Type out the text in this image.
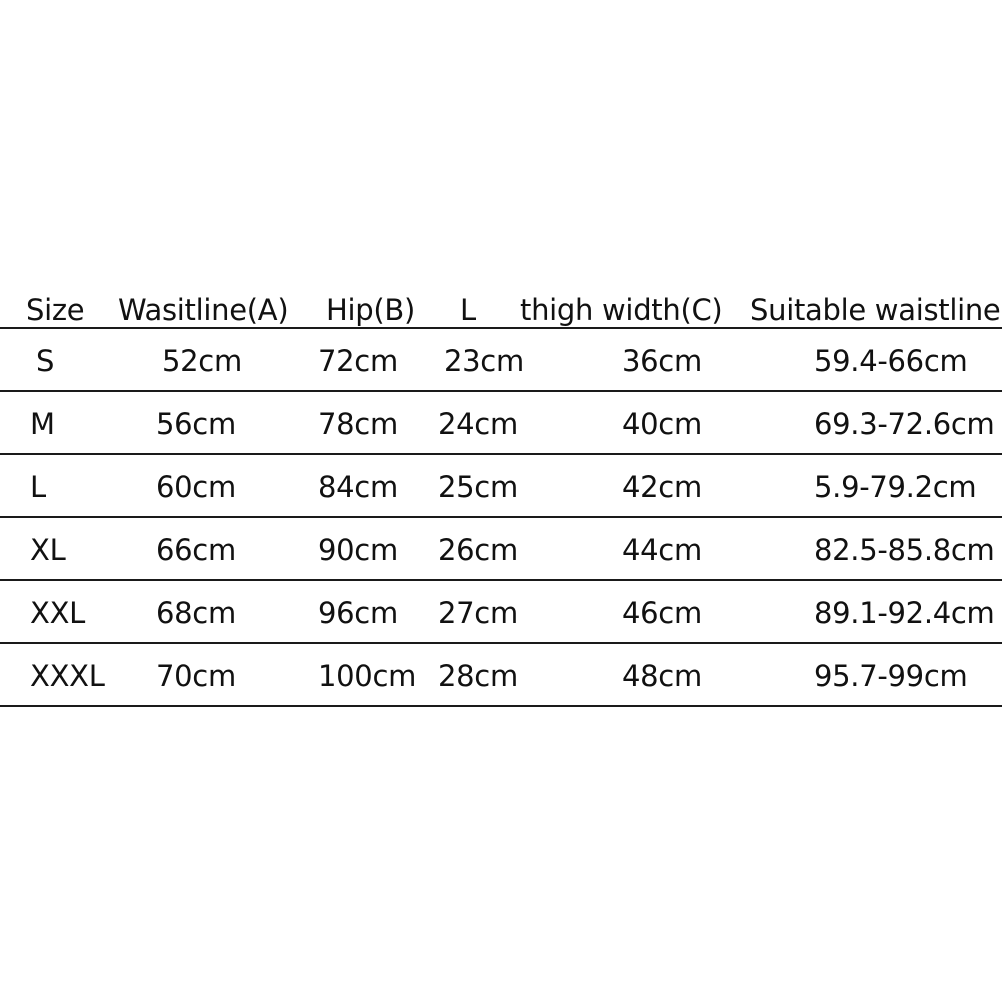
Size Wasitline(A) Hip(B) L thigh width(C) Suitable waistline
S	52cm	72cm 23cm	36cm	59.4-66cm
M	56cm	78cm 24cm	40cm	69.3-72.6cm
L	60cm	84cm 25cm	42cm	5.9-79.2cm
XL	66cm	90cm 26cm	44cm	82.5-85.8cm
XXL 68cm	96cm 27cm	46cm	89.1-92.4cm
XXXL 70cm	100cm 28cm	48cm	95.7-99cm
